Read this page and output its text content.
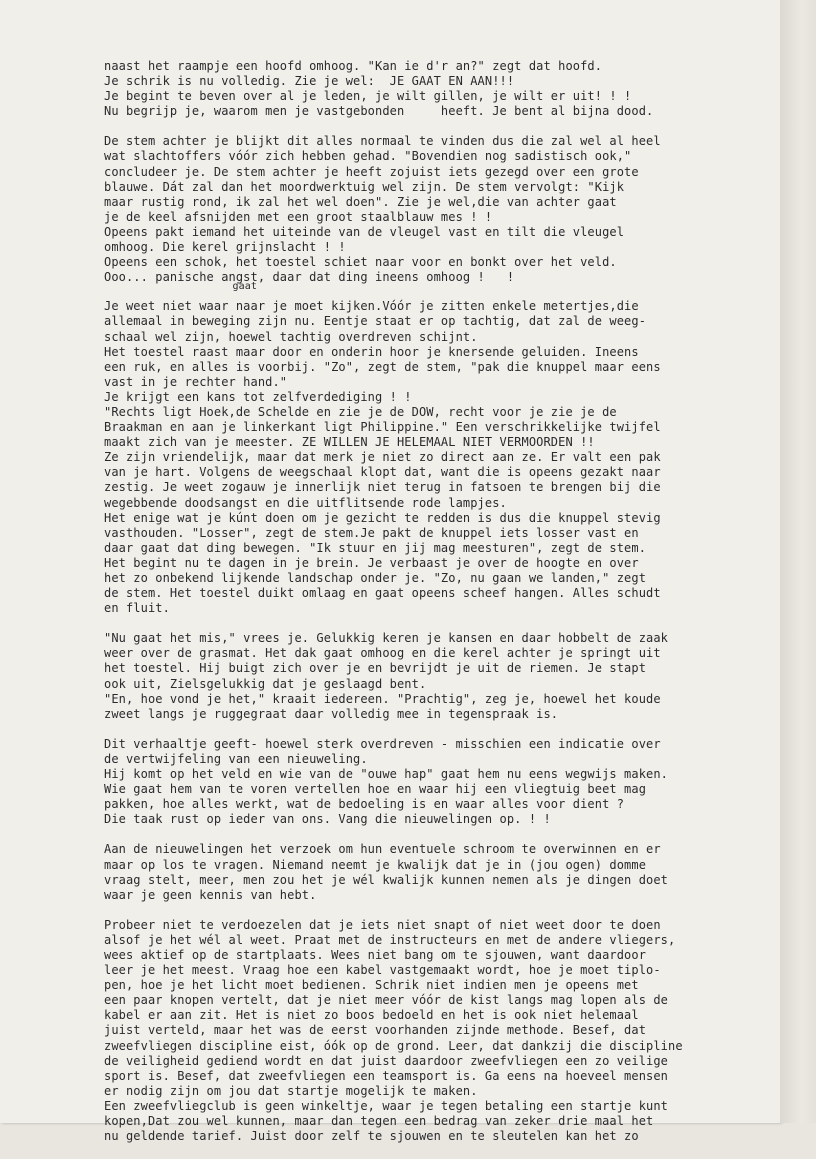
naast het raampje een hoofd omhoog. "Kan ie d'r an?" zegt dat hoofd.
Je schrik is nu volledig. Zie je wel:  JE GAAT EN AAN!!!
Je begint te beven over al je leden, je wilt gillen, je wilt er uit! ! !
Nu begrijp je, waarom men je vastgebonden     heeft. Je bent al bijna dood.
De stem achter je blijkt dit alles normaal te vinden dus die zal wel al heel
wat slachtoffers vóór zich hebben gehad. "Bovendien nog sadistisch ook,"
concludeer je. De stem achter je heeft zojuist iets gezegd over een grote
blauwe. Dát zal dan het moordwerktuig wel zijn. De stem vervolgt: "Kijk
maar rustig rond, ik zal het wel doen". Zie je wel,die van achter gaat
je de keel afsnijden met een groot staalblauw mes ! !
Opeens pakt iemand het uiteinde van de vleugel vast en tilt die vleugel
omhoog. Die kerel grijnslacht ! !
Opeens een schok, het toestel schiet naar voor en bonkt over het veld.
Ooo... panische angst, daar dat ding ineens omhoog !   !
gaat
Je weet niet waar naar je moet kijken.Vóór je zitten enkele metertjes,die
allemaal in beweging zijn nu. Eentje staat er op tachtig, dat zal de weeg-
schaal wel zijn, hoewel tachtig overdreven schijnt.
Het toestel raast maar door en onderin hoor je knersende geluiden. Ineens
een ruk, en alles is voorbij. "Zo", zegt de stem, "pak die knuppel maar eens
vast in je rechter hand."
Je krijgt een kans tot zelfverdediging ! !
"Rechts ligt Hoek,de Schelde en zie je de DOW, recht voor je zie je de
Braakman en aan je linkerkant ligt Philippine." Een verschrikkelijke twijfel
maakt zich van je meester. ZE WILLEN JE HELEMAAL NIET VERMOORDEN !!
Ze zijn vriendelijk, maar dat merk je niet zo direct aan ze. Er valt een pak
van je hart. Volgens de weegschaal klopt dat, want die is opeens gezakt naar
zestig. Je weet zogauw je innerlijk niet terug in fatsoen te brengen bij die
wegebbende doodsangst en die uitflitsende rode lampjes.
Het enige wat je kúnt doen om je gezicht te redden is dus die knuppel stevig
vasthouden. "Losser", zegt de stem.Je pakt de knuppel iets losser vast en
daar gaat dat ding bewegen. "Ik stuur en jij mag meesturen", zegt de stem.
Het begint nu te dagen in je brein. Je verbaast je over de hoogte en over
het zo onbekend lijkende landschap onder je. "Zo, nu gaan we landen," zegt
de stem. Het toestel duikt omlaag en gaat opeens scheef hangen. Alles schudt
en fluit.
"Nu gaat het mis," vrees je. Gelukkig keren je kansen en daar hobbelt de zaak
weer over de grasmat. Het dak gaat omhoog en die kerel achter je springt uit
het toestel. Hij buigt zich over je en bevrijdt je uit de riemen. Je stapt
ook uit, Zielsgelukkig dat je geslaagd bent.
"En, hoe vond je het," kraait iedereen. "Prachtig", zeg je, hoewel het koude
zweet langs je ruggegraat daar volledig mee in tegenspraak is.
Dit verhaaltje geeft- hoewel sterk overdreven - misschien een indicatie over
de vertwijfeling van een nieuweling.
Hij komt op het veld en wie van de "ouwe hap" gaat hem nu eens wegwijs maken.
Wie gaat hem van te voren vertellen hoe en waar hij een vliegtuig beet mag
pakken, hoe alles werkt, wat de bedoeling is en waar alles voor dient ?
Die taak rust op ieder van ons. Vang die nieuwelingen op. ! !
Aan de nieuwelingen het verzoek om hun eventuele schroom te overwinnen en er
maar op los te vragen. Niemand neemt je kwalijk dat je in (jou ogen) domme
vraag stelt, meer, men zou het je wél kwalijk kunnen nemen als je dingen doet
waar je geen kennis van hebt.
Probeer niet te verdoezelen dat je iets niet snapt of niet weet door te doen
alsof je het wél al weet. Praat met de instructeurs en met de andere vliegers,
wees aktief op de startplaats. Wees niet bang om te sjouwen, want daardoor
leer je het meest. Vraag hoe een kabel vastgemaakt wordt, hoe je moet tiplo-
pen, hoe je het licht moet bedienen. Schrik niet indien men je opeens met
een paar knopen vertelt, dat je niet meer vóór de kist langs mag lopen als de
kabel er aan zit. Het is niet zo boos bedoeld en het is ook niet helemaal
juist verteld, maar het was de eerst voorhanden zijnde methode. Besef, dat
zweefvliegen discipline eist, óók op de grond. Leer, dat dankzij die discipline
de veiligheid gediend wordt en dat juist daardoor zweefvliegen een zo veilige
sport is. Besef, dat zweefvliegen een teamsport is. Ga eens na hoeveel mensen
er nodig zijn om jou dat startje mogelijk te maken.
Een zweefvliegclub is geen winkeltje, waar je tegen betaling een startje kunt
kopen,Dat zou wel kunnen, maar dan tegen een bedrag van zeker drie maal het
nu geldende tarief. Juist door zelf te sjouwen en te sleutelen kan het zo
